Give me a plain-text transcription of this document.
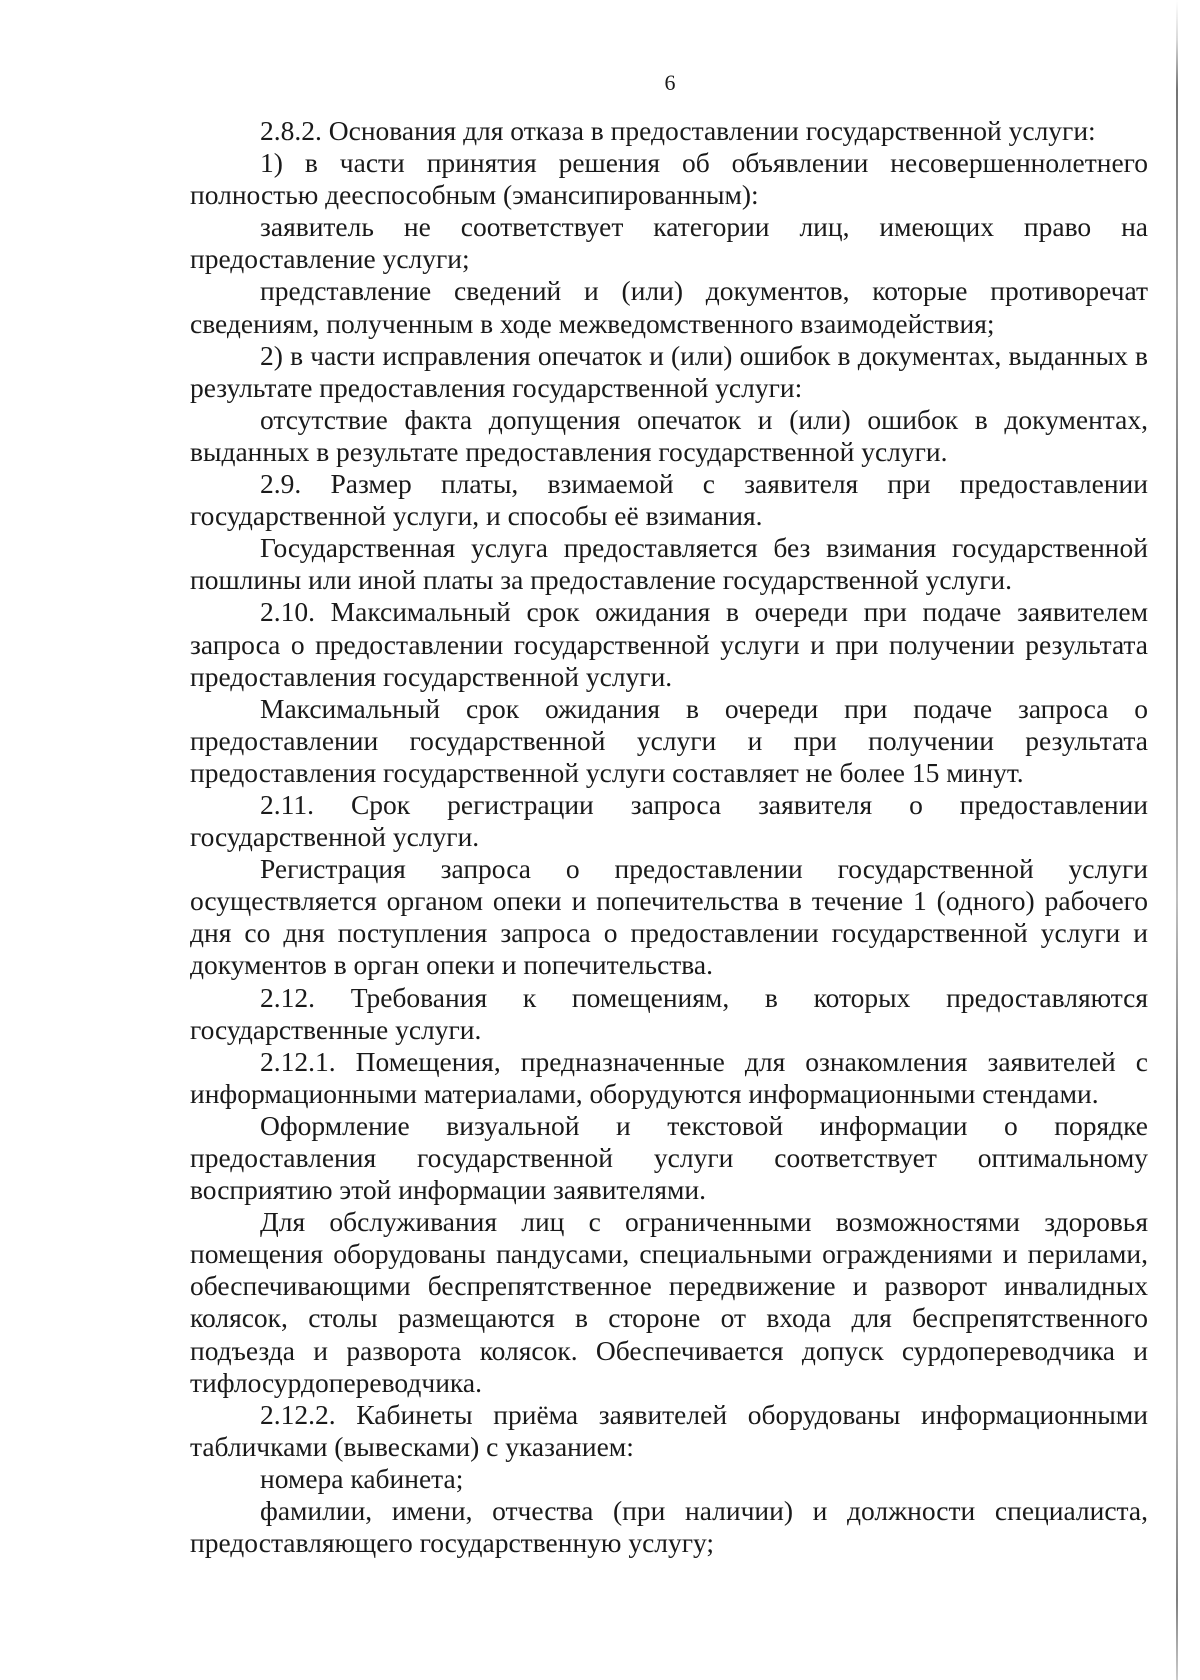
6

2.8.2. Основания для отказа в предоставлении государственной услуги:

1) в части принятия решения об объявлении несовершеннолетнего полностью дееспособным (эмансипированным):

заявитель не соответствует категории лиц, имеющих право на предоставление услуги;

представление сведений и (или) документов, которые противоречат сведениям, полученным в ходе межведомственного взаимодействия;

2) в части исправления опечаток и (или) ошибок в документах, выданных в результате предоставления государственной услуги:

отсутствие факта допущения опечаток и (или) ошибок в документах, выданных в результате предоставления государственной услуги.

2.9. Размер платы, взимаемой с заявителя при предоставлении государственной услуги, и способы её взимания.

Государственная услуга предоставляется без взимания государственной пошлины или иной платы за предоставление государственной услуги.

2.10. Максимальный срок ожидания в очереди при подаче заявителем запроса о предоставлении государственной услуги и при получении результата предоставления государственной услуги.

Максимальный срок ожидания в очереди при подаче запроса о предоставлении государственной услуги и при получении результата предоставления государственной услуги составляет не более 15 минут.

2.11. Срок регистрации запроса заявителя о предоставлении государственной услуги.

Регистрация запроса о предоставлении государственной услуги осуществляется органом опеки и попечительства в течение 1 (одного) рабочего дня со дня поступления запроса о предоставлении государственной услуги и документов в орган опеки и попечительства.

2.12. Требования к помещениям, в которых предоставляются государственные услуги.

2.12.1. Помещения, предназначенные для ознакомления заявителей с информационными материалами, оборудуются информационными стендами.

Оформление визуальной и текстовой информации о порядке предоставления государственной услуги соответствует оптимальному восприятию этой информации заявителями.

Для обслуживания лиц с ограниченными возможностями здоровья помещения оборудованы пандусами, специальными ограждениями и перилами, обеспечивающими беспрепятственное передвижение и разворот инвалидных колясок, столы размещаются в стороне от входа для беспрепятственного подъезда и разворота колясок. Обеспечивается допуск сурдопереводчика и тифлосурдопереводчика.

2.12.2. Кабинеты приёма заявителей оборудованы информационными табличками (вывесками) с указанием:

номера кабинета;

фамилии, имени, отчества (при наличии) и должности специалиста, предоставляющего государственную услугу;
